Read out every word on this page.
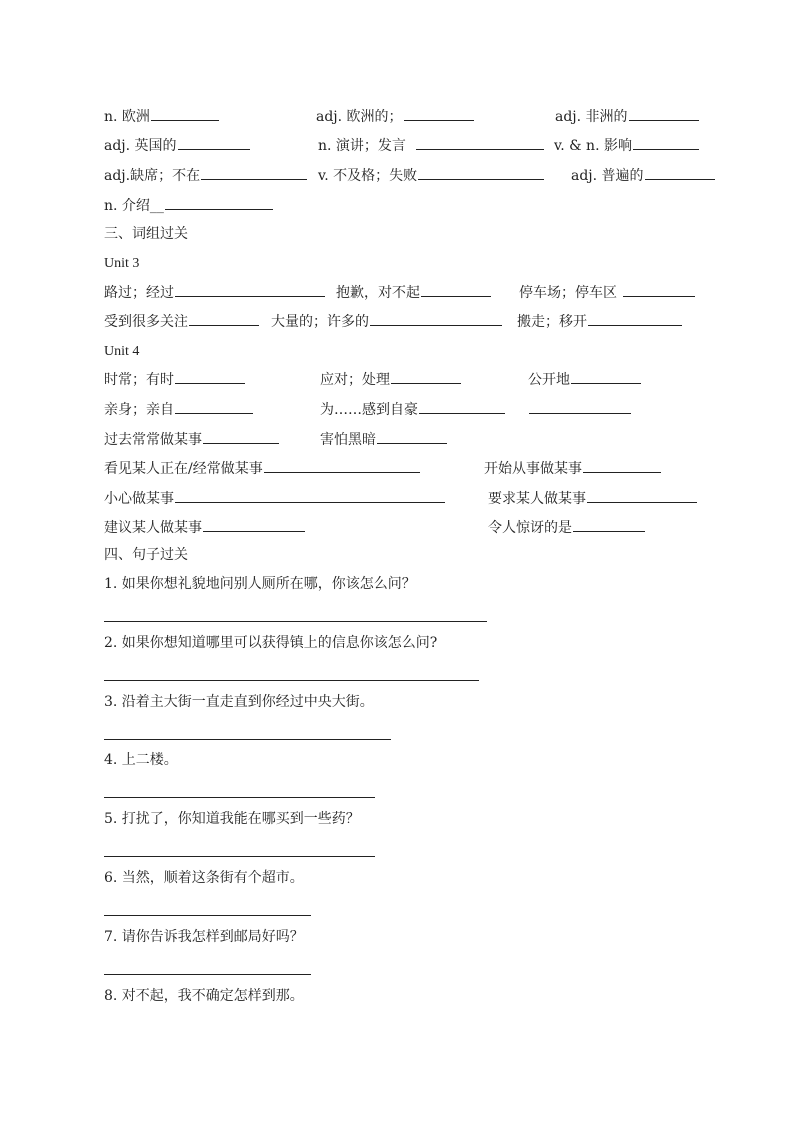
n. 欧洲	adj. 欧洲的；	adj. 非洲的
adj. 英国的	n. 演讲；发言	v. & n. 影响
adj.缺席；不在	v. 不及格；失败	adj. 普遍的
n. 介绍__
三、词组过关
Unit 3
路过；经过	抱歉，对不起	停车场；停车区
受到很多关注	大量的；许多的	搬走；移开
Unit 4
时常；有时	应对；处理	公开地
亲身；亲自	为……感到自豪
过去常常做某事	害怕黑暗
看见某人正在/经常做某事	开始从事做某事
小心做某事	要求某人做某事
建议某人做某事	令人惊讶的是
四、句子过关
1. 如果你想礼貌地问别人厕所在哪，你该怎么问？
2. 如果你想知道哪里可以获得镇上的信息你该怎么问?
3. 沿着主大街一直走直到你经过中央大街。
4. 上二楼。
5. 打扰了，你知道我能在哪买到一些药？
6. 当然，顺着这条街有个超市。
7. 请你告诉我怎样到邮局好吗？
8. 对不起，我不确定怎样到那。
